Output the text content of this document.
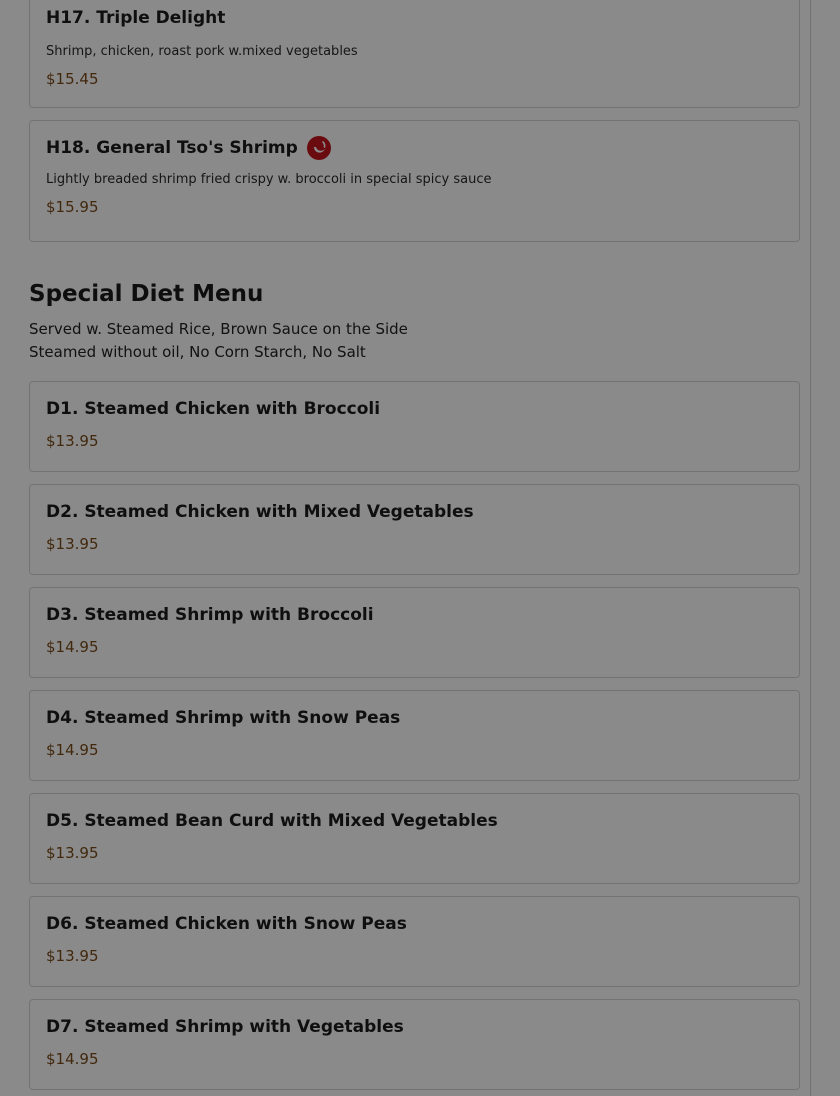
H17. Triple Delight
Shrimp, chicken, roast pork w.mixed vegetables
$15.45
H18. General Tso's Shrimp
Lightly breaded shrimp fried crispy w. broccoli in special spicy sauce
$15.95
Special Diet Menu
Served w. Steamed Rice, Brown Sauce on the Side
Steamed without oil, No Corn Starch, No Salt
D1. Steamed Chicken with Broccoli
$13.95
D2. Steamed Chicken with Mixed Vegetables
$13.95
D3. Steamed Shrimp with Broccoli
$14.95
D4. Steamed Shrimp with Snow Peas
$14.95
D5. Steamed Bean Curd with Mixed Vegetables
$13.95
D6. Steamed Chicken with Snow Peas
$13.95
D7. Steamed Shrimp with Vegetables
$14.95
